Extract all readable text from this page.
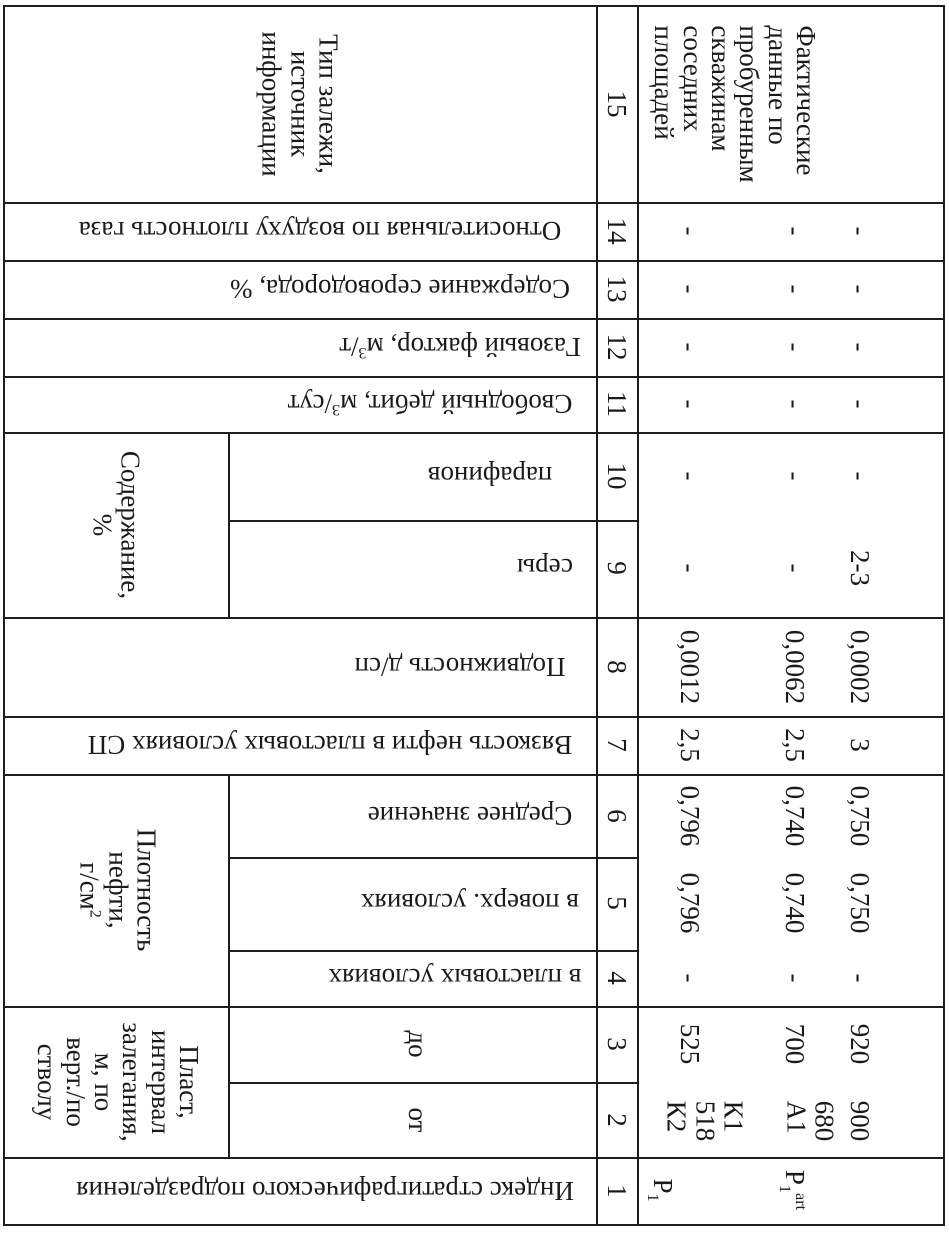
Тип залежи,
источник
информации
Относительная по воздуху плотность газа
Содержание сероводорода, %
Газовый фактор, $м^3/т$
Свободный дебит, $м^3$/сут
Содержание,
%
парафинов
серы
Подвижность д/сп
Вязкость нефти в пластовых условиях СП
Плотность
нефти,
$г/см^2$
Среднее значение
в поверх. условиях
в пластовых условиях
Пласт,
интервал
залегания,
м, по
верт./по
стволу	до
от
Индекс стратиграфического подразделения
15
14
13
12
11
10
9
8
7
6
5
4
3
2
1
Фактические
данные по
пробуренным
скважинам
соседних
площадей
-
-
-
-
-
-
0,0012
2,5
0,796
0,796
-
525
К1
518
К2
$P_1$
-
-
-
-
-
-
0,0062
2,5
0,740
0,740
-
700
680
А1
$P_1^{art}$
-
-
-
-
-
2-3
0,0002
3
0,750
0,750
-
920
900
